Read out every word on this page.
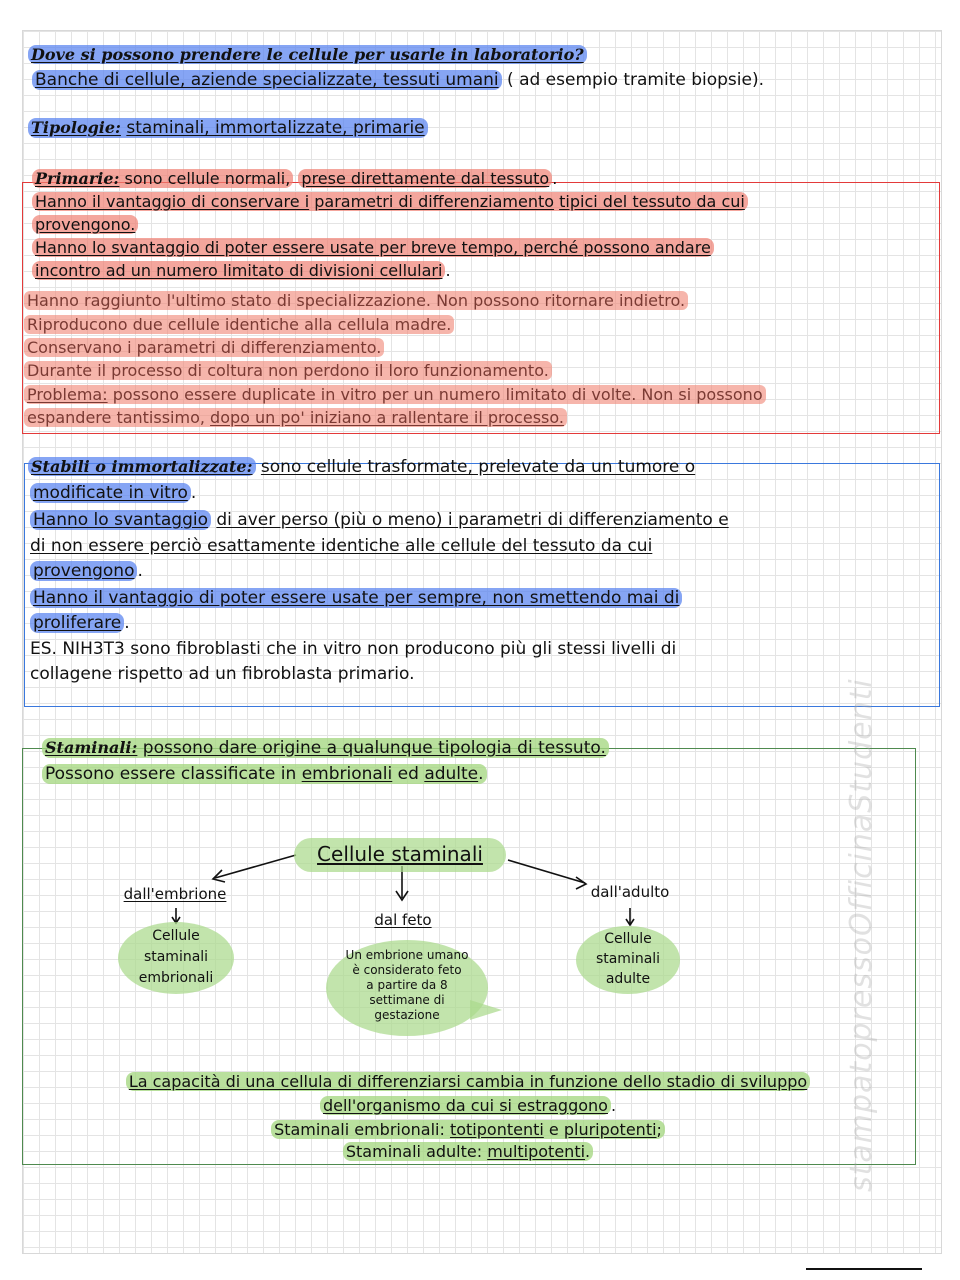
Dove si possono prendere le cellule per usarle in laboratorio?
Banche di cellule, aziende specializzate, tessuti umani ( ad esempio tramite biopsie).
Tipologie: staminali, immortalizzate, primarie
Primarie: sono cellule normali, prese direttamente dal tessuto .
Hanno il vantaggio di conservare i parametri di differenziamento tipici del tessuto da cui
provengono.
Hanno lo svantaggio di poter essere usate per breve tempo, perché possono andare
incontro ad un numero limitato di divisioni cellulari .
Hanno raggiunto l'ultimo stato di specializzazione. Non possono ritornare indietro.
Riproducono due cellule identiche alla cellula madre.
Conservano i parametri di differenziamento.
Durante il processo di coltura non perdono il loro funzionamento.
Problema: possono essere duplicate in vitro per un numero limitato di volte. Non si possono
espandere tantissimo, dopo un po' iniziano a rallentare il processo.
Stabili o immortalizzate: sono cellule trasformate, prelevate da un tumore o
modificate in vitro .
Hanno lo svantaggio di aver perso (più o meno) i parametri di differenziamento e
di non essere perciò esattamente identiche alle cellule del tessuto da cui
provengono .
Hanno il vantaggio di poter essere usate per sempre, non smettendo mai di
proliferare .
ES. NIH3T3 sono fibroblasti che in vitro non producono più gli stessi livelli di
collagene rispetto ad un fibroblasta primario.
Staminali: possono dare origine a qualunque tipologia di tessuto.
Possono essere classificate in embrionali ed adulte.
Cellule staminali
dall'embrione
Cellule
staminali
embrionali
dal feto
Un embrione umano
è considerato feto
a partire da 8
settimane di
gestazione
dall'adulto
Cellule
staminali
adulte
La capacità di una cellula di differenziarsi cambia in funzione dello stadio di sviluppo
dell'organismo da cui si estraggono .
Staminali embrionali: totipontenti e pluripotenti;
Staminali adulte: multipotenti.	stampatopressoOfficinaStudenti
